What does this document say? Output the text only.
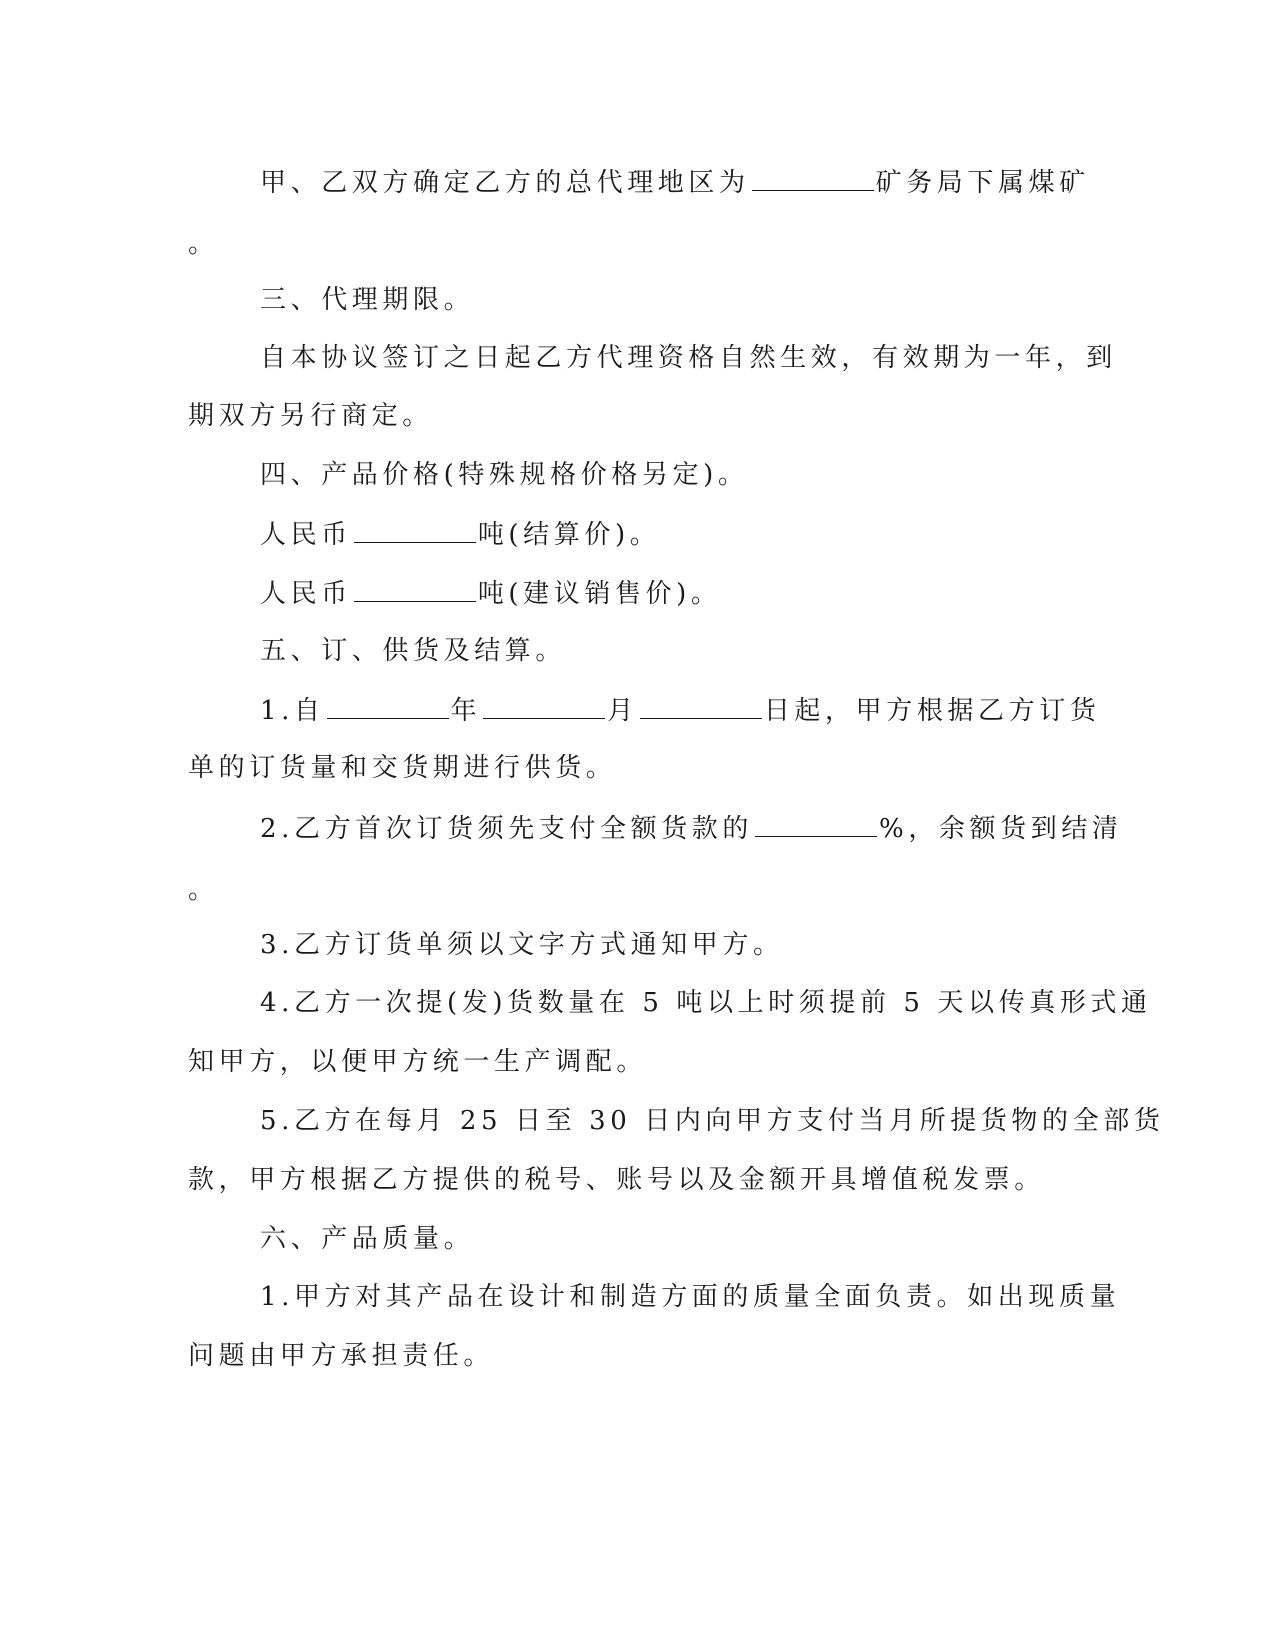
甲、乙双方确定乙方的总代理地区为	矿务局下属煤矿
。
三、代理期限。
自本协议签订之日起乙方代理资格自然生效，有效期为一年，到
期双方另行商定。
四、产品价格(特殊规格价格另定)。
人民币	吨(结算价)。
人民币	吨(建议销售价)。
五、订、供货及结算。
1.自	年	月	日起，甲方根据乙方订货
单的订货量和交货期进行供货。
2.乙方首次订货须先支付全额货款的	%，余额货到结清
。
3.乙方订货单须以文字方式通知甲方。
4.乙方一次提(发)货数量在 5 吨以上时须提前 5 天以传真形式通
知甲方，以便甲方统一生产调配。
5.乙方在每月 25 日至 30 日内向甲方支付当月所提货物的全部货
款，甲方根据乙方提供的税号、账号以及金额开具增值税发票。
六、产品质量。
1.甲方对其产品在设计和制造方面的质量全面负责。如出现质量
问题由甲方承担责任。
